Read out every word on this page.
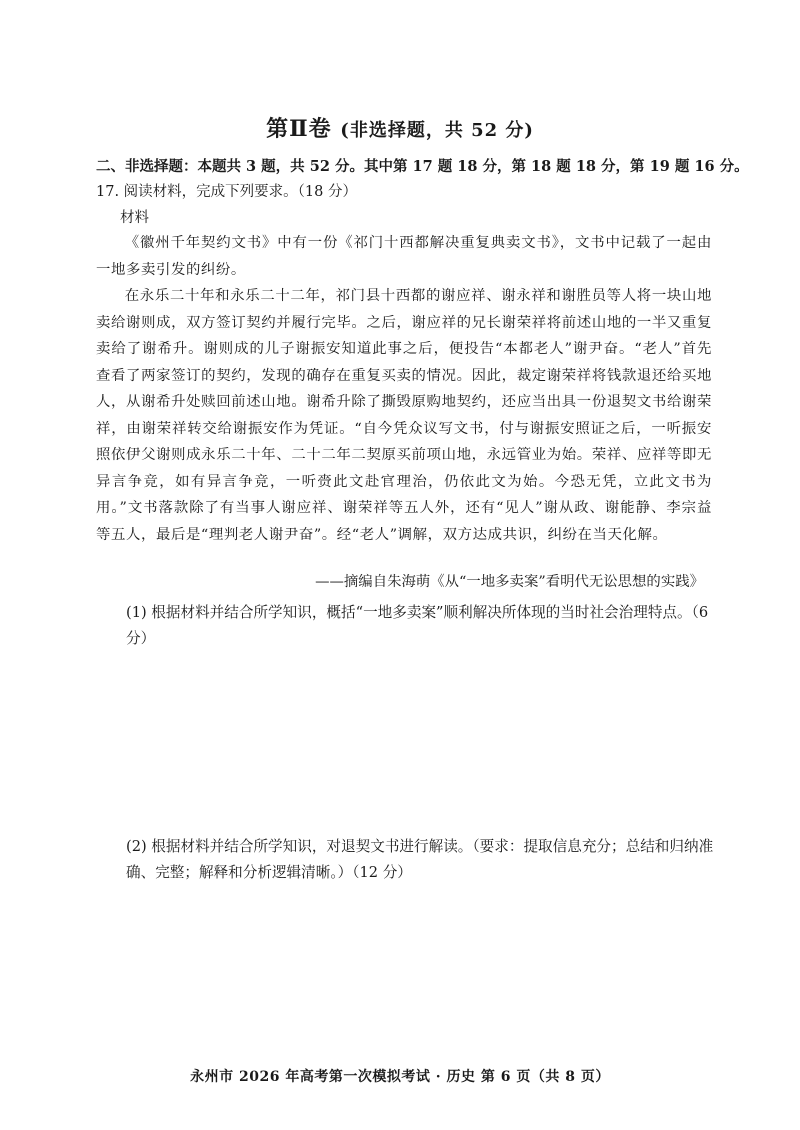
第Ⅱ卷 (非选择题，共 52 分)
二、非选择题：本题共 3 题，共 52 分。其中第 17 题 18 分，第 18 题 18 分，第 19 题 16 分。
17. 阅读材料，完成下列要求。（18 分）
材料

《徽州千年契约文书》中有一份《祁门十西都解决重复典卖文书》，文书中记载了一起由一地多卖引发的纠纷。

在永乐二十年和永乐二十二年，祁门县十西都的谢应祥、谢永祥和谢胜员等人将一块山地卖给谢则成，双方签订契约并履行完毕。之后，谢应祥的兄长谢荣祥将前述山地的一半又重复卖给了谢希升。谢则成的儿子谢振安知道此事之后，便投告“本都老人”谢尹奋。“老人”首先查看了两家签订的契约，发现的确存在重复买卖的情况。因此，裁定谢荣祥将钱款退还给买地人，从谢希升处赎回前述山地。谢希升除了撕毁原购地契约，还应当出具一份退契文书给谢荣祥，由谢荣祥转交给谢振安作为凭证。“自今凭众议写文书，付与谢振安照证之后，一听振安照依伊父谢则成永乐二十年、二十二年二契原买前项山地，永远管业为始。荣祥、应祥等即无异言争竞，如有异言争竞，一听赍此文赴官理治，仍依此文为始。今恐无凭，立此文书为用。”文书落款除了有当事人谢应祥、谢荣祥等五人外，还有“见人”谢从政、谢能静、李宗益等五人，最后是“理判老人谢尹奋”。经“老人”调解，双方达成共识，纠纷在当天化解。

——摘编自朱海萌《从“一地多卖案”看明代无讼思想的实践》
(1) 根据材料并结合所学知识，概括“一地多卖案”顺利解决所体现的当时社会治理特点。（6 分）
(2) 根据材料并结合所学知识，对退契文书进行解读。（要求：提取信息充分；总结和归纳准确、完整；解释和分析逻辑清晰。）（12 分）
永州市 2026 年高考第一次模拟考试 · 历史 第 6 页（共 8 页）
